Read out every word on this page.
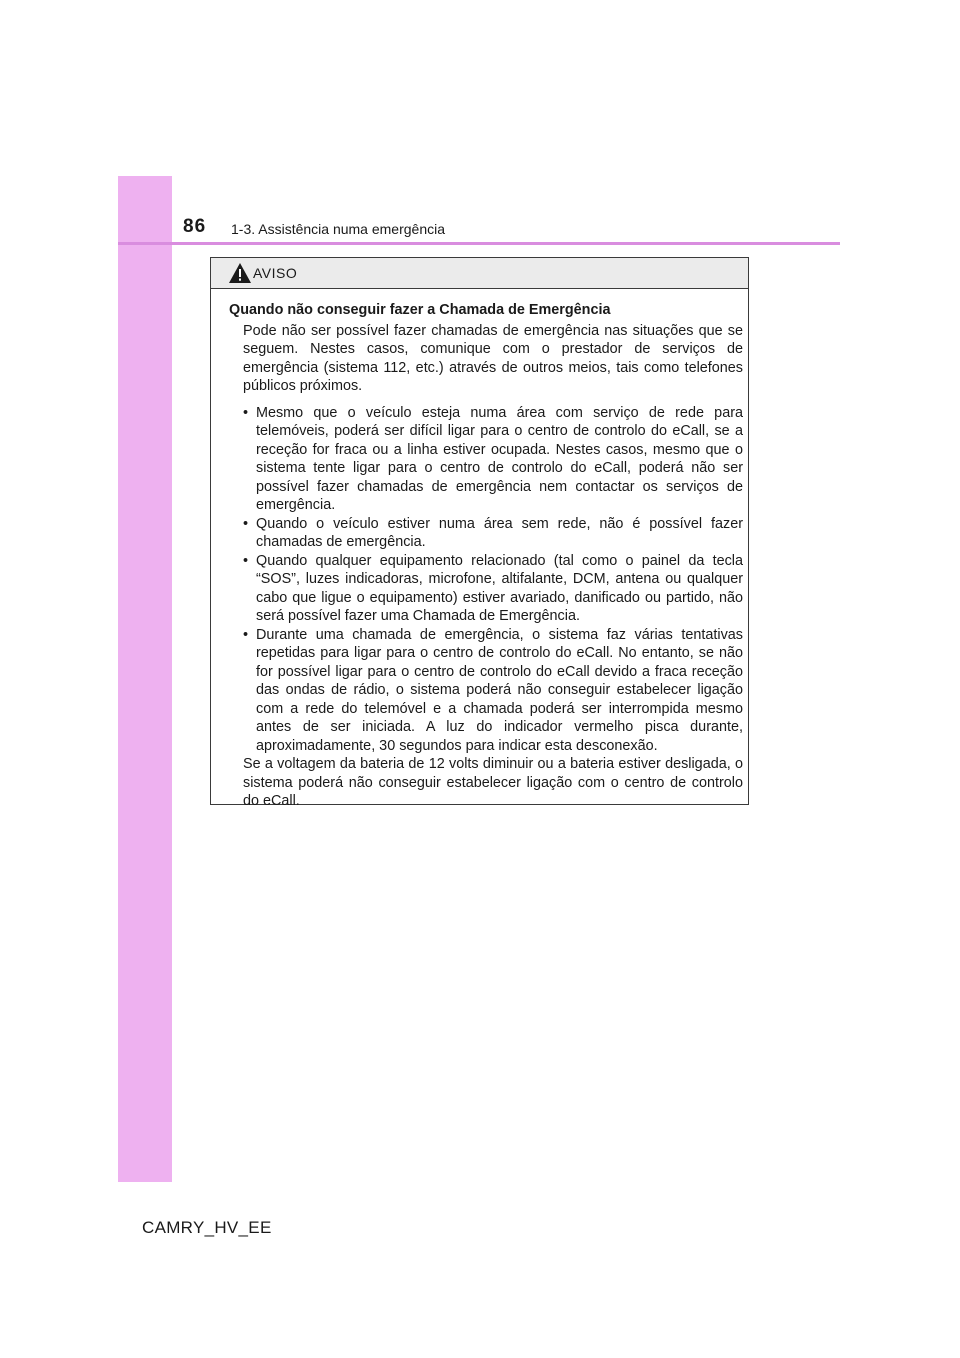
86 1-3. Assistência numa emergência
AVISO

Quando não conseguir fazer a Chamada de Emergência

Pode não ser possível fazer chamadas de emergência nas situações que se seguem. Nestes casos, comunique com o prestador de serviços de emergência (sistema 112, etc.) através de outros meios, tais como telefones públicos próximos.

• Mesmo que o veículo esteja numa área com serviço de rede para telemóveis, poderá ser difícil ligar para o centro de controlo do eCall, se a receção for fraca ou a linha estiver ocupada. Nestes casos, mesmo que o sistema tente ligar para o centro de controlo do eCall, poderá não ser possível fazer chamadas de emergência nem contactar os serviços de emergência.
• Quando o veículo estiver numa área sem rede, não é possível fazer chamadas de emergência.
• Quando qualquer equipamento relacionado (tal como o painel da tecla “SOS”, luzes indicadoras, microfone, altifalante, DCM, antena ou qualquer cabo que ligue o equipamento) estiver avariado, danificado ou partido, não será possível fazer uma Chamada de Emergência.
• Durante uma chamada de emergência, o sistema faz várias tentativas repetidas para ligar para o centro de controlo do eCall. No entanto, se não for possível ligar para o centro de controlo do eCall devido a fraca receção das ondas de rádio, o sistema poderá não conseguir estabelecer ligação com a rede do telemóvel e a chamada poderá ser interrompida mesmo antes de ser iniciada. A luz do indicador vermelho pisca durante, aproximadamente, 30 segundos para indicar esta desconexão.

Se a voltagem da bateria de 12 volts diminuir ou a bateria estiver desligada, o sistema poderá não conseguir estabelecer ligação com o centro de controlo do eCall.

CAMRY_HV_EE
